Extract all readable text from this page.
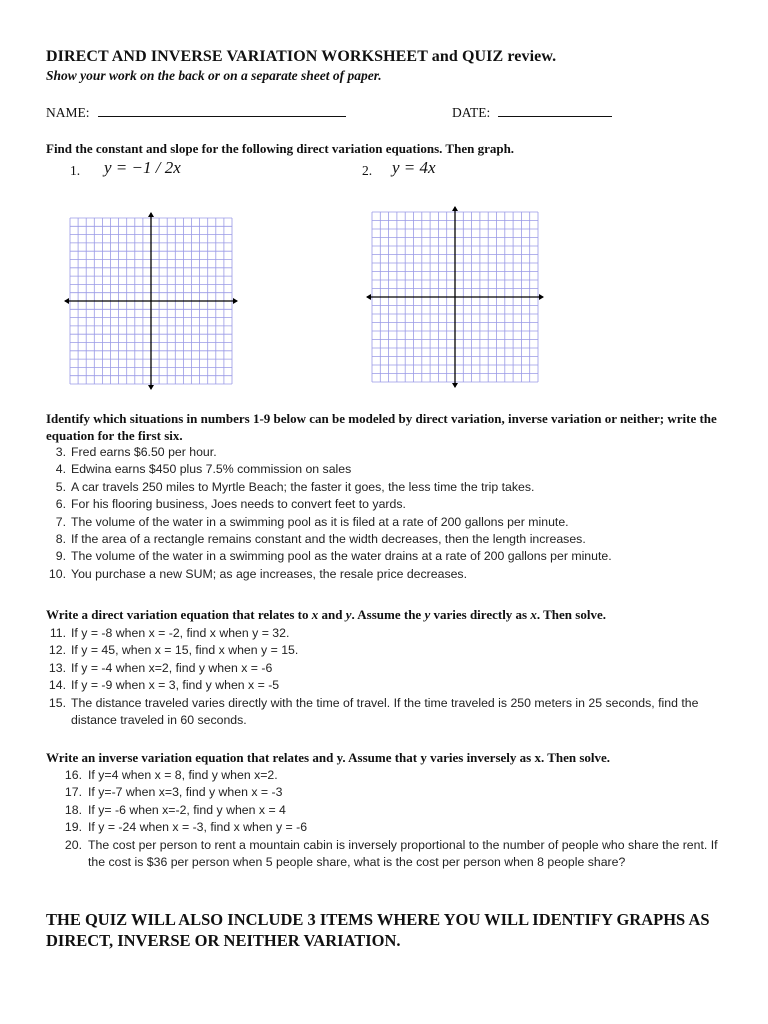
DIRECT AND INVERSE VARIATION WORKSHEET and QUIZ review.
Show your work on the back or on a separate sheet of paper.
NAME:	DATE:
Find the constant and slope for the following direct variation equations. Then graph.
1. y = −1 / 2x	2. y = 4x
Identify which situations in numbers 1-9 below can be modeled by direct variation, inverse variation or neither; write the equation for the first six.
3. Fred earns $6.50 per hour.
4. Edwina earns $450 plus 7.5% commission on sales
5. A car travels 250 miles to Myrtle Beach; the faster it goes, the less time the trip takes.
6. For his flooring business, Joes needs to convert feet to yards.
7. The volume of the water in a swimming pool as it is filed at a rate of 200 gallons per minute.
8. If the area of a rectangle remains constant and the width decreases, then the length increases.
9. The volume of the water in a swimming pool as the water drains at a rate of 200 gallons per minute.
10. You purchase a new SUM; as age increases, the resale price decreases.
Write a direct variation equation that relates to x and y. Assume the y varies directly as x. Then solve.
11. If y = -8 when x = -2, find x when y = 32.
12. If y = 45, when x = 15, find x when y = 15.
13. If y = -4 when x=2, find y when x = -6
14. If y = -9 when x = 3, find y when x = -5
15. The distance traveled varies directly with the time of travel. If the time traveled is 250 meters in 25 seconds, find the distance traveled in 60 seconds.
Write an inverse variation equation that relates and y. Assume that y varies inversely as x. Then solve.
16. If y=4 when x = 8, find y when x=2.
17. If y=-7 when x=3, find y when x = -3
18. If y= -6 when x=-2, find y when x = 4
19. If y = -24 when x = -3, find x when y = -6
20. The cost per person to rent a mountain cabin is inversely proportional to the number of people who share the rent. If the cost is $36 per person when 5 people share, what is the cost per person when 8 people share?
THE QUIZ WILL ALSO INCLUDE 3 ITEMS WHERE YOU WILL IDENTIFY GRAPHS AS DIRECT, INVERSE OR NEITHER VARIATION.
